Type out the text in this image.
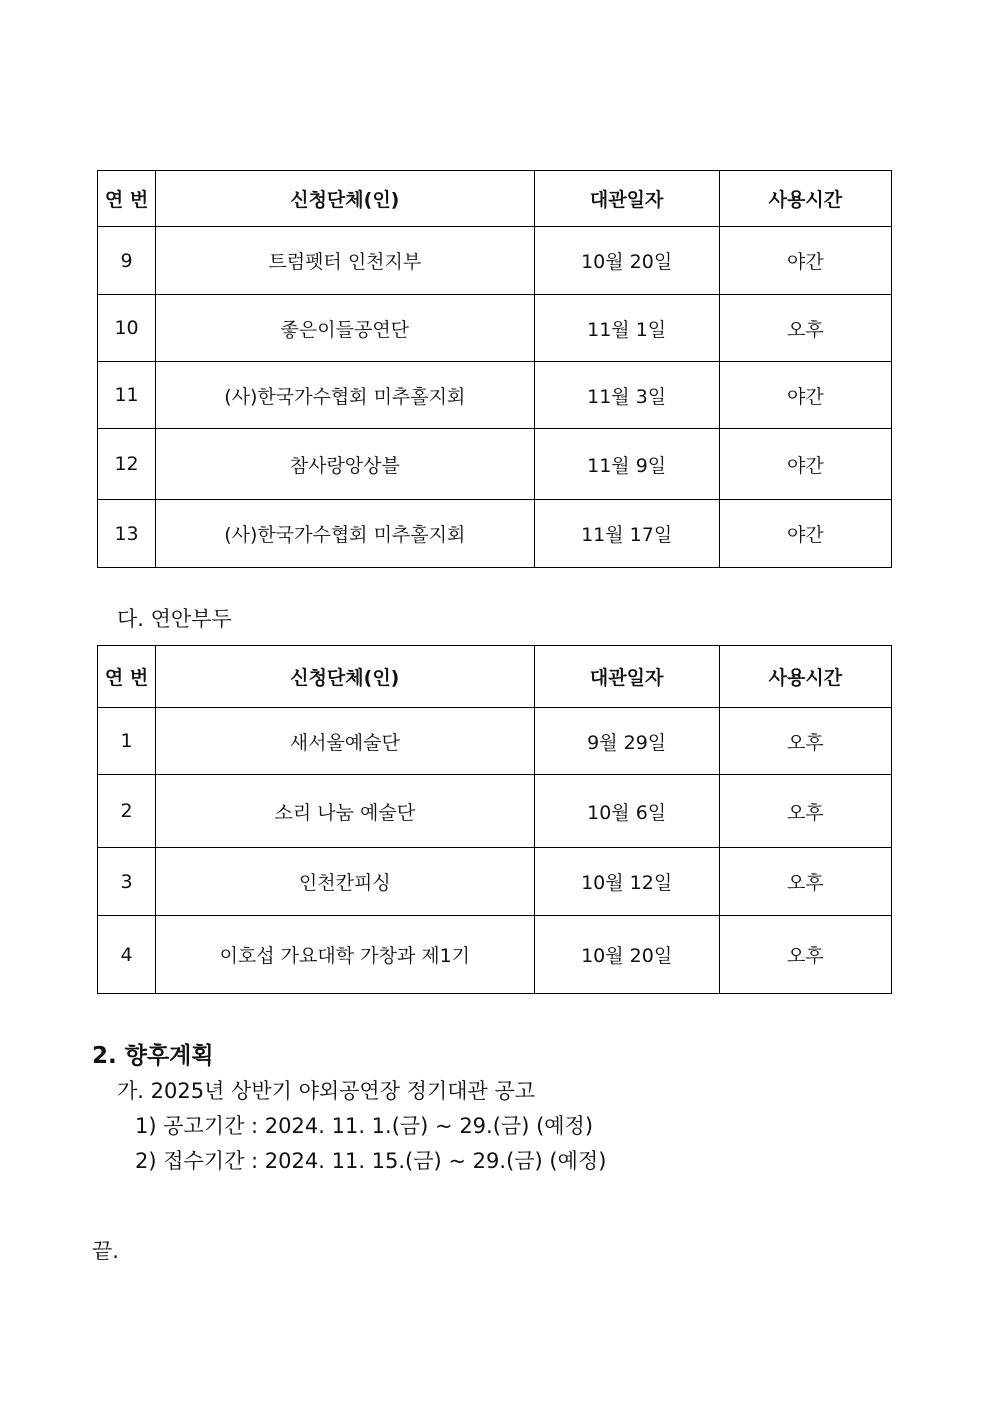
연 번	신청단체(인)	대관일자	사용시간
9	트럼펫터 인천지부	10월 20일	야간
10	좋은이들공연단	11월 1일	오후
11	(사)한국가수협회 미추홀지회	11월 3일	야간
12	참사랑앙상블	11월 9일	야간
13	(사)한국가수협회 미추홀지회	11월 17일	야간
다. 연안부두
연 번	신청단체(인)	대관일자	사용시간
1	새서울예술단	9월 29일	오후
2	소리 나눔 예술단	10월 6일	오후
3	인천칸피싱	10월 12일	오후
4	이호섭 가요대학 가창과 제1기	10월 20일	오후
2. 향후계획
가. 2025년 상반기 야외공연장 정기대관 공고
1) 공고기간 : 2024. 11. 1.(금) ~ 29.(금) (예정)
2) 접수기간 : 2024. 11. 15.(금) ~ 29.(금) (예정)
끝.
